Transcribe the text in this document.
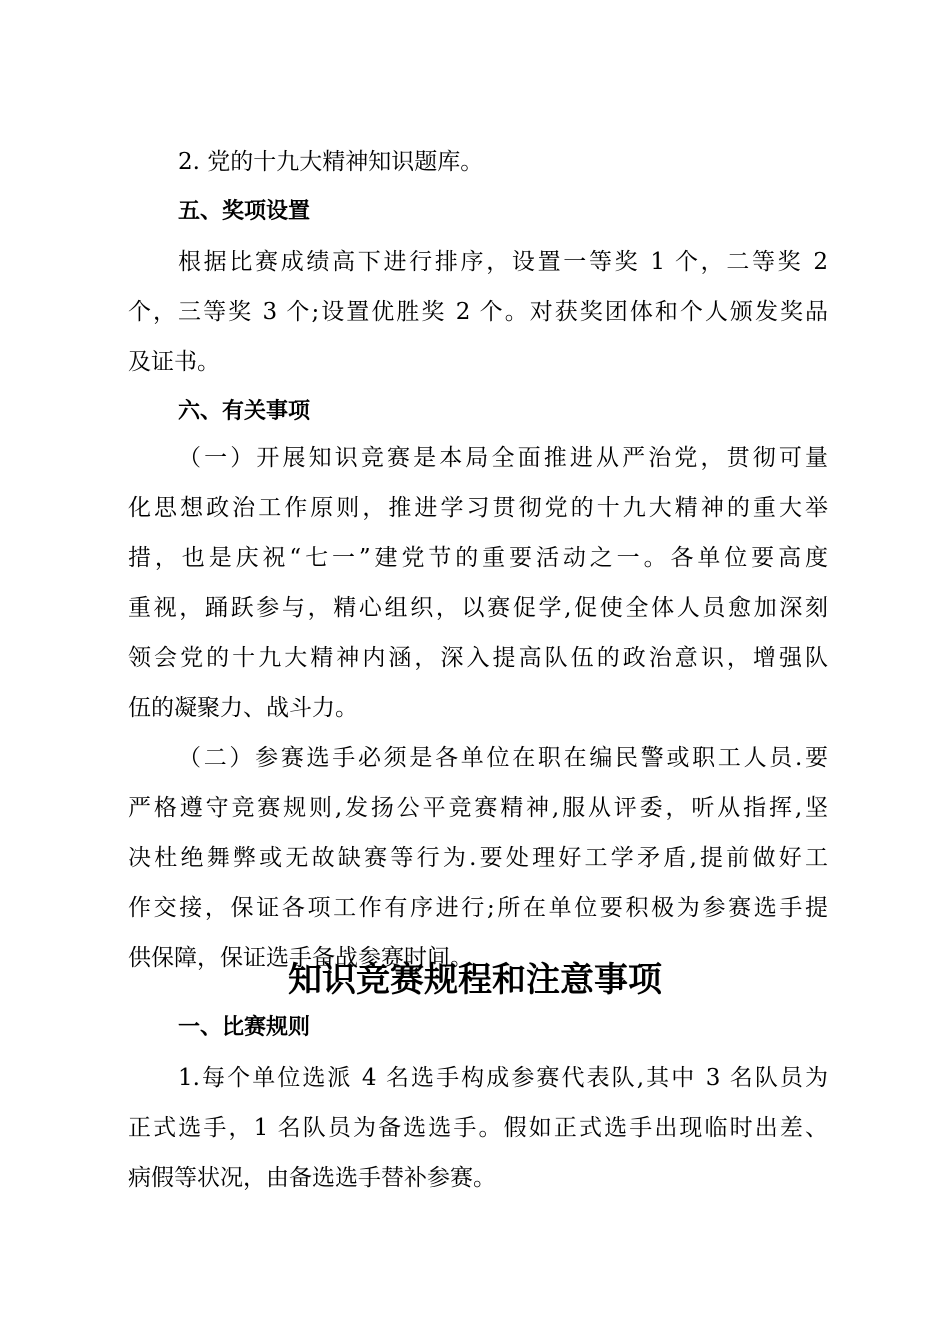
2. 党的十九大精神知识题库。
五、奖项设置
根据比赛成绩高下进行排序，设置一等奖 1 个，二等奖 2
个，三等奖 3 个;设置优胜奖 2 个。对获奖团体和个人颁发奖品
及证书。
六、有关事项
（一）开展知识竞赛是本局全面推进从严治党，贯彻可量
化思想政治工作原则，推进学习贯彻党的十九大精神的重大举
措，也是庆祝“七一”建党节的重要活动之一。各单位要高度
重视，踊跃参与，精心组织，以赛促学,促使全体人员愈加深刻
领会党的十九大精神内涵，深入提高队伍的政治意识，增强队
伍的凝聚力、战斗力。
（二）参赛选手必须是各单位在职在编民警或职工人员.要
严格遵守竞赛规则,发扬公平竞赛精神,服从评委，听从指挥,坚
决杜绝舞弊或无故缺赛等行为.要处理好工学矛盾,提前做好工
作交接，保证各项工作有序进行;所在单位要积极为参赛选手提
供保障，保证选手备战参赛时间。
知识竞赛规程和注意事项
一、比赛规则
1.每个单位选派 4 名选手构成参赛代表队,其中 3 名队员为
正式选手，1 名队员为备选选手。假如正式选手出现临时出差、
病假等状况，由备选选手替补参赛。
